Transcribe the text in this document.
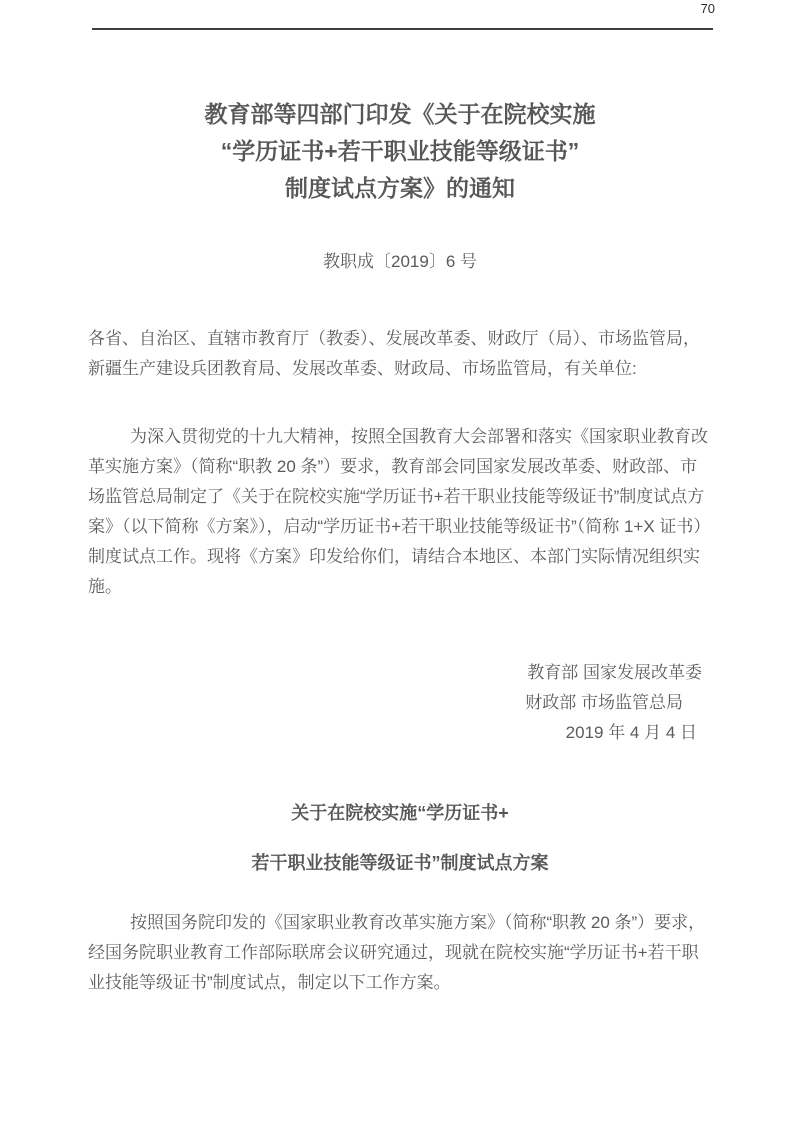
70
教育部等四部门印发《关于在院校实施
“学历证书+若干职业技能等级证书”
制度试点方案》的通知
教职成〔2019〕6 号

各省、自治区、直辖市教育厅（教委）、发展改革委、财政厅（局）、市场监管局，新疆生产建设兵团教育局、发展改革委、财政局、市场监管局，有关单位:

为深入贯彻党的十九大精神，按照全国教育大会部署和落实《国家职业教育改革实施方案》（简称“职教 20 条”）要求，教育部会同国家发展改革委、财政部、市场监管总局制定了《关于在院校实施“学历证书+若干职业技能等级证书”制度试点方案》（以下简称《方案》），启动“学历证书+若干职业技能等级证书”（简称 1+X 证书）制度试点工作。现将《方案》印发给你们，请结合本地区、本部门实际情况组织实施。

教育部 国家发展改革委
财政部 市场监管总局
2019 年 4 月 4 日
关于在院校实施“学历证书+
若干职业技能等级证书”制度试点方案

按照国务院印发的《国家职业教育改革实施方案》（简称“职教 20 条”）要求，经国务院职业教育工作部际联席会议研究通过，现就在院校实施“学历证书+若干职业技能等级证书”制度试点，制定以下工作方案。
